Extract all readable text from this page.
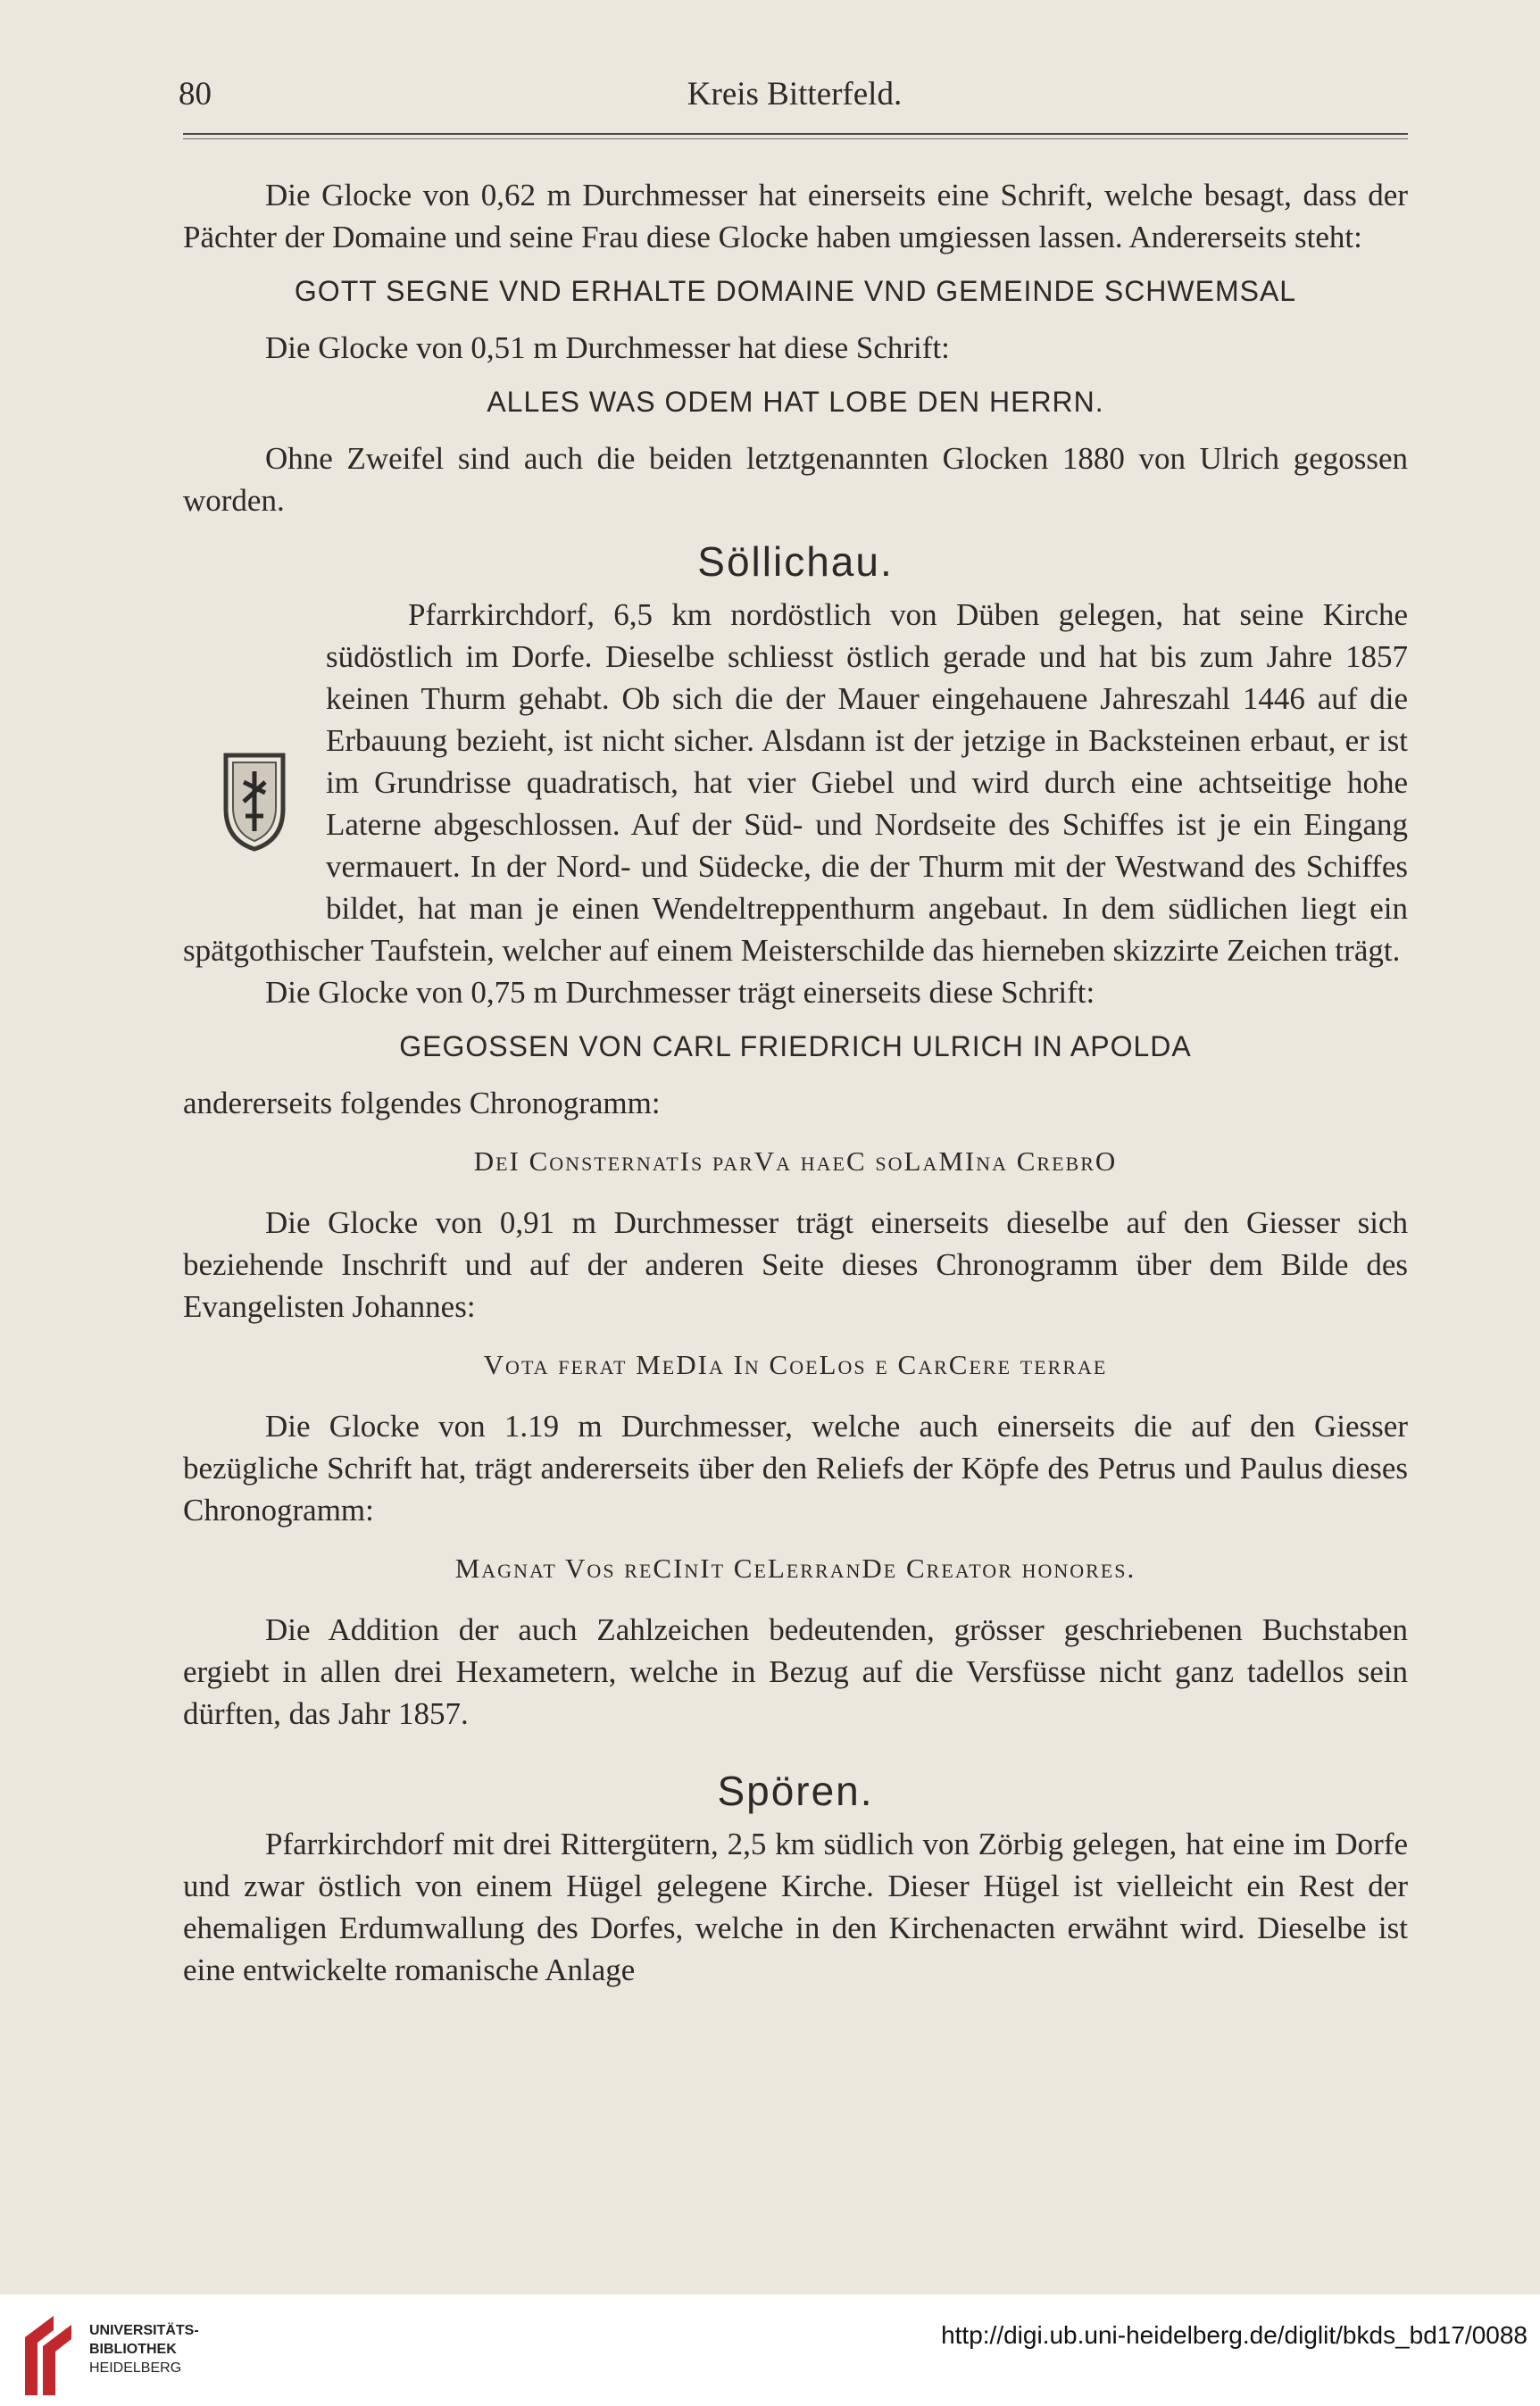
80	Kreis Bitterfeld.

Die Glocke von 0,62 m Durchmesser hat einerseits eine Schrift, welche besagt, dass der Pächter der Domaine und seine Frau diese Glocke haben umgiessen lassen. Andererseits steht:

GOTT SEGNE VND ERHALTE DOMAINE VND GEMEINDE SCHWEMSAL

Die Glocke von 0,51 m Durchmesser hat diese Schrift:

ALLES WAS ODEM HAT LOBE DEN HERRN.

Ohne Zweifel sind auch die beiden letztgenannten Glocken 1880 von Ulrich gegossen worden.

Söllichau.

Pfarrkirchdorf, 6,5 km nordöstlich von Düben gelegen, hat seine Kirche südöstlich im Dorfe. Dieselbe schliesst östlich gerade und hat bis zum Jahre 1857 keinen Thurm gehabt. Ob sich die der Mauer eingehauene Jahreszahl 1446 auf die Erbauung bezieht, ist nicht sicher. Alsdann ist der jetzige in Backsteinen erbaut, er ist im Grundrisse quadratisch, hat vier Giebel und wird durch eine achtseitige hohe Laterne abgeschlossen. Auf der Süd- und Nordseite des Schiffes ist je ein Eingang vermauert. In der Nord- und Südecke, die der Thurm mit der Westwand des Schiffes bildet, hat man je einen Wendeltreppenthurm angebaut. In dem südlichen liegt ein spätgothischer Taufstein, welcher auf einem Meisterschilde das hierneben skizzirte Zeichen trägt.

Die Glocke von 0,75 m Durchmesser trägt einerseits diese Schrift:

GEGOSSEN VON CARL FRIEDRICH ULRICH IN APOLDA

andererseits folgendes Chronogramm:

DeI ConsternatIs parVa haeC soLaMIna CrebrO

Die Glocke von 0,91 m Durchmesser trägt einerseits dieselbe auf den Giesser sich beziehende Inschrift und auf der anderen Seite dieses Chronogramm über dem Bilde des Evangelisten Johannes:

Vota ferat MeDIa In CoeLos e CarCere terrae

Die Glocke von 1.19 m Durchmesser, welche auch einerseits die auf den Giesser bezügliche Schrift hat, trägt andererseits über den Reliefs der Köpfe des Petrus und Paulus dieses Chronogramm:

Magnat Vos reCInIt CeLerranDe Creator honores.

Die Addition der auch Zahlzeichen bedeutenden, grösser geschriebenen Buchstaben ergiebt in allen drei Hexametern, welche in Bezug auf die Versfüsse nicht ganz tadellos sein dürften, das Jahr 1857.

Spören.

Pfarrkirchdorf mit drei Rittergütern, 2,5 km südlich von Zörbig gelegen, hat eine im Dorfe und zwar östlich von einem Hügel gelegene Kirche. Dieser Hügel ist vielleicht ein Rest der ehemaligen Erdumwallung des Dorfes, welche in den Kirchenacten erwähnt wird. Dieselbe ist eine entwickelte romanische Anlage

UNIVERSITÄTS-
BIBLIOTHEK
HEIDELBERG
http://digi.ub.uni-heidelberg.de/diglit/bkds_bd17/0088
